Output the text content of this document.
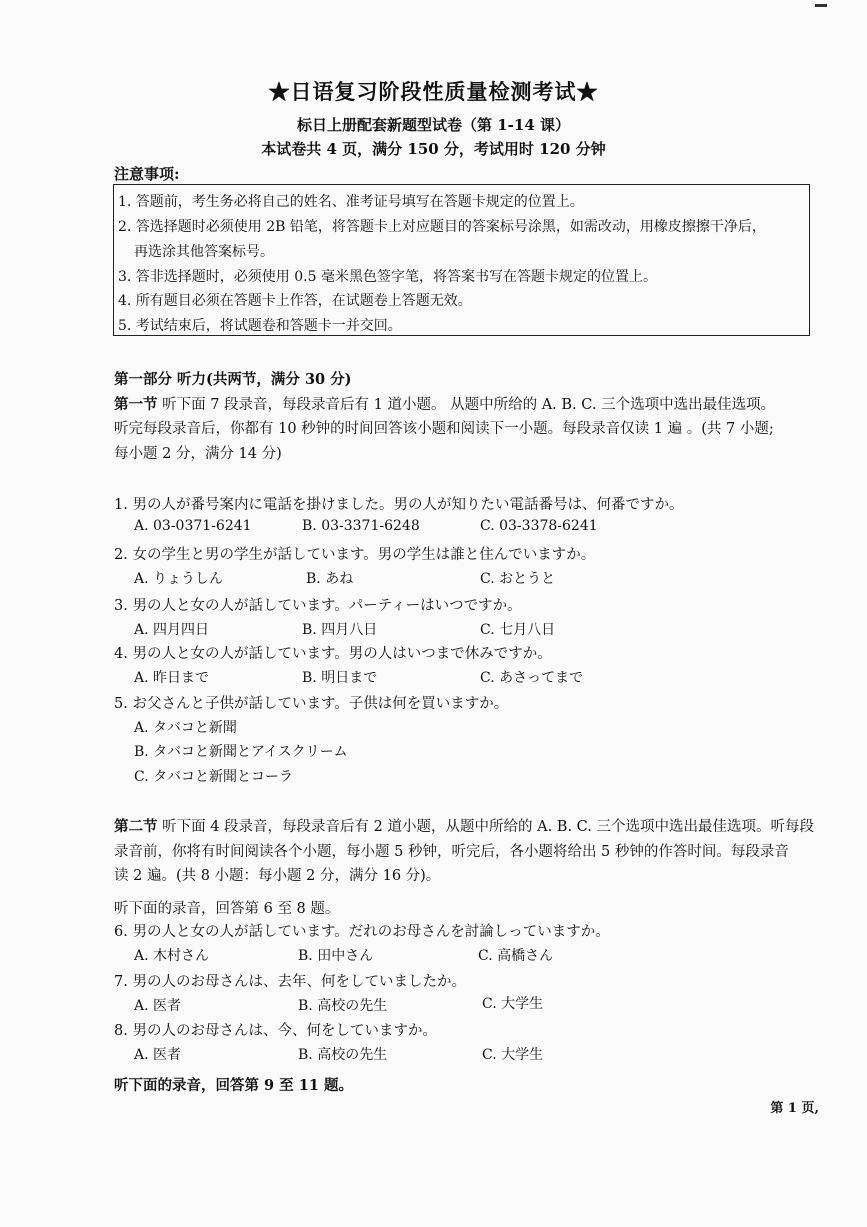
★日语复习阶段性质量检测考试★
标日上册配套新题型试卷（第 1-14 课）
本试卷共 4 页，满分 150 分，考试用时 120 分钟
注意事项:
1. 答题前，考生务必将自己的姓名、准考证号填写在答题卡规定的位置上。
2. 答选择题时必须使用 2B 铅笔，将答题卡上对应题目的答案标号涂黑，如需改动，用橡皮擦擦干净后，
再选涂其他答案标号。
3. 答非选择题时，必须使用 0.5 毫米黑色签字笔，将答案书写在答题卡规定的位置上。
4. 所有题目必须在答题卡上作答，在试题卷上答题无效。
5. 考试结束后，将试题卷和答题卡一并交回。
第一部分 听力(共两节，满分 30 分)
第一节 听下面 7 段录音，每段录音后有 1 道小题。 从题中所给的 A. B. C. 三个选项中选出最佳选项。
听完每段录音后，你都有 10 秒钟的时间回答该小题和阅读下一小题。每段录音仅读 1 遍 。(共 7 小题;
每小题 2 分，满分 14 分)
1. 男の人が番号案内に電話を掛けました。男の人が知りたい電話番号は、何番ですか。
A. 03-0371-6241	B. 03-3371-6248	C. 03-3378-6241
2. 女の学生と男の学生が話しています。男の学生は誰と住んでいますか。
A. りょうしん	B. あね	C. おとうと
3. 男の人と女の人が話しています。パーティーはいつですか。
A. 四月四日	B. 四月八日	C. 七月八日
4. 男の人と女の人が話しています。男の人はいつまで休みですか。
A. 昨日まで	B. 明日まで	C. あさってまで
5. お父さんと子供が話しています。子供は何を買いますか。
A. タバコと新聞
B. タバコと新聞とアイスクリーム
C. タバコと新聞とコーラ
第二节 听下面 4 段录音，每段录音后有 2 道小题，从题中所给的 A. B. C. 三个选项中选出最佳选项。听每段
录音前，你将有时间阅读各个小题，每小题 5 秒钟，听完后，各小题将给出 5 秒钟的作答时间。每段录音
读 2 遍。(共 8 小题：每小题 2 分，满分 16 分)。
听下面的录音，回答第 6 至 8 题。
6. 男の人と女の人が話しています。だれのお母さんを討論しっていますか。
A. 木村さん	B. 田中さん	C. 高橋さん
7. 男の人のお母さんは、去年、何をしていましたか。
A. 医者	B. 高校の先生	C. 大学生
8. 男の人のお母さんは、今、何をしていますか。
A. 医者	B. 高校の先生	C. 大学生
听下面的录音，回答第 9 至 11 题。
第 1 页,
